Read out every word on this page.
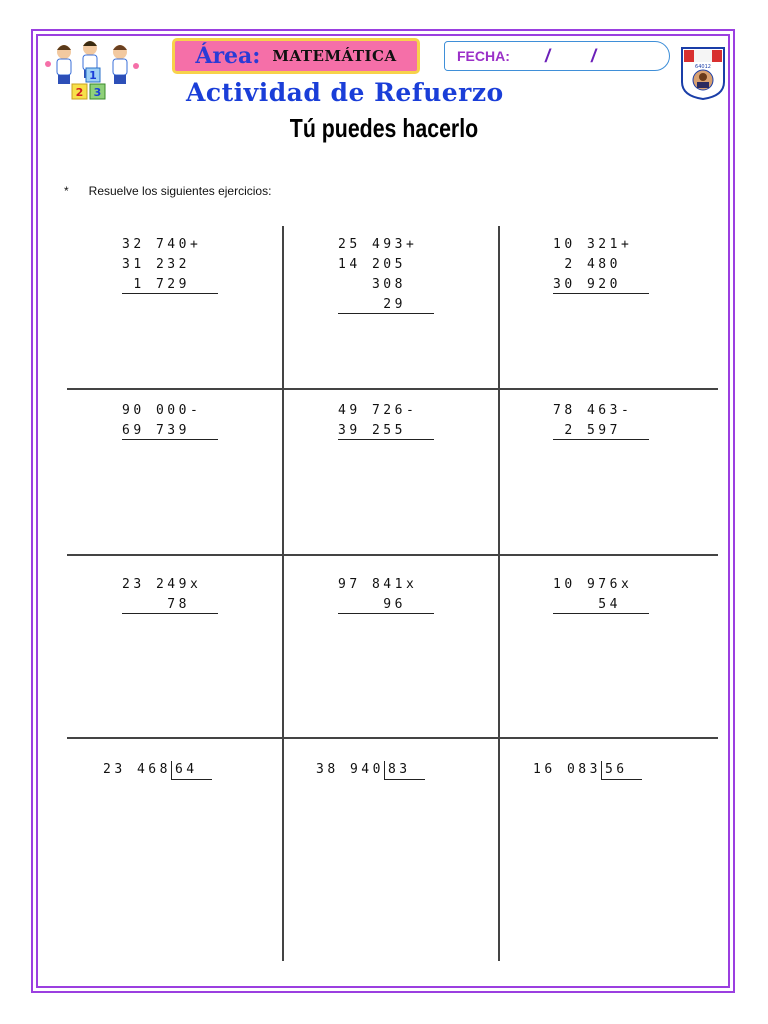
1
2 3
Área: MATEMÁTICA	FECHA:	/	/
64012
Actividad de Refuerzo
Tú puedes hacerlo
* Resuelve los siguientes ejercicios:
32 740+
31 232
1 729
25 493+
14 205
308
29
10 321+
2 480
30 920
90 000-
69 739
49 726-
39 255
78 463-
2 597
23 249x
78
97 841x
96
10 976x
54
23 468 64	38 940 83	16 083 56
